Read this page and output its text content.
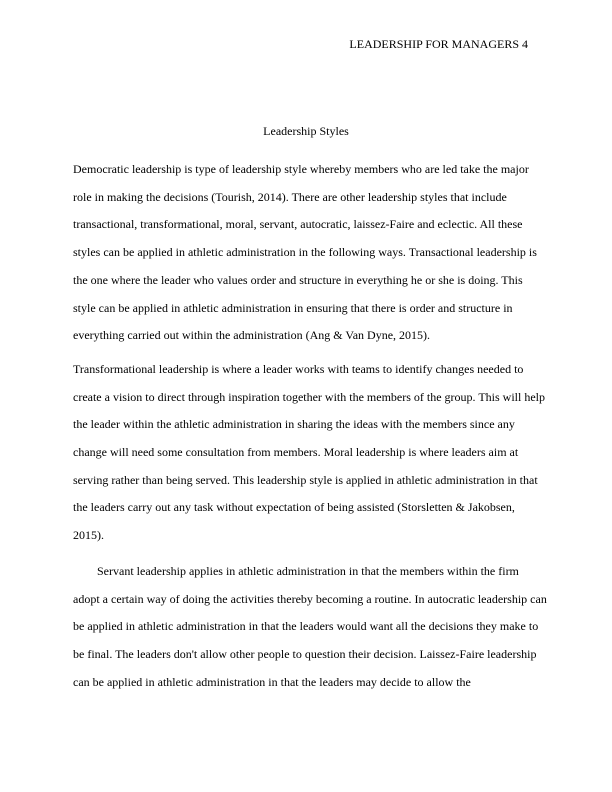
LEADERSHIP FOR MANAGERS 4
Leadership Styles

Democratic leadership is type of leadership style whereby members who are led take the major role in making the decisions (Tourish, 2014). There are other leadership styles that include transactional, transformational, moral, servant, autocratic, laissez-Faire and eclectic. All these styles can be applied in athletic administration in the following ways. Transactional leadership is the one where the leader who values order and structure in everything he or she is doing. This style can be applied in athletic administration in ensuring that there is order and structure in everything carried out within the administration (Ang & Van Dyne, 2015).

Transformational leadership is where a leader works with teams to identify changes needed to create a vision to direct through inspiration together with the members of the group. This will help the leader within the athletic administration in sharing the ideas with the members since any change will need some consultation from members. Moral leadership is where leaders aim at serving rather than being served. This leadership style is applied in athletic administration in that the leaders carry out any task without expectation of being assisted (Storsletten & Jakobsen, 2015).

Servant leadership applies in athletic administration in that the members within the firm adopt a certain way of doing the activities thereby becoming a routine. In autocratic leadership can be applied in athletic administration in that the leaders would want all the decisions they make to be final. The leaders don't allow other people to question their decision. Laissez-Faire leadership can be applied in athletic administration in that the leaders may decide to allow the
